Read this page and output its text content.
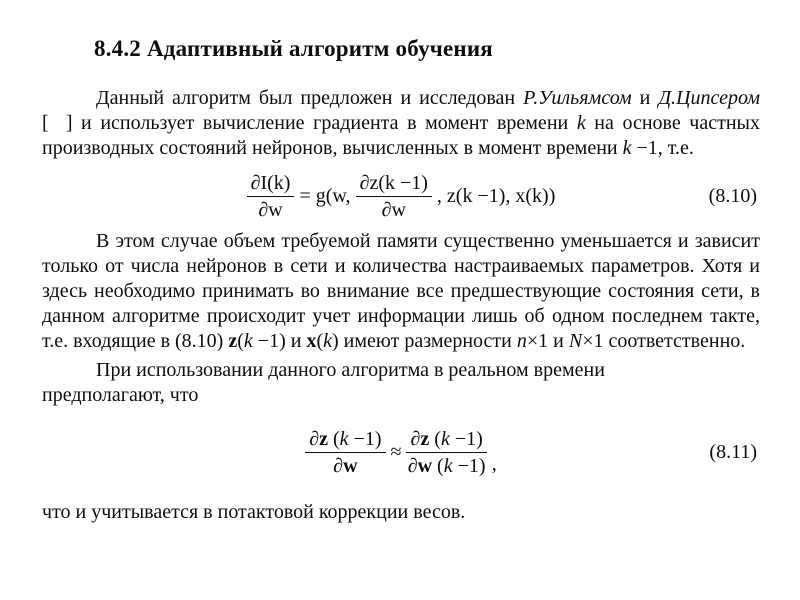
8.4.2 Адаптивный алгоритм обучения

Данный алгоритм был предложен и исследован Р.Уильямсом и Д.Ципсером [  ] и использует вычисление градиента в момент времени k на основе частных производных состояний нейронов, вычисленных в момент времени k −1, т.е.

$\frac{\partial I(k)}{\partial w} = g(w$, $\frac{\partial z(k -1)}{\partial w}$ , z(k −1), x(k))	(8.10)

В этом случае объем требуемой памяти существенно уменьшается и зависит только от числа нейронов в сети и количества настраиваемых параметров. Хотя и здесь необходимо принимать во внимание все предшествующие состояния сети, в данном алгоритме происходит учет информации лишь об одном последнем такте, т.е. входящие в (8.10) z(k −1) и x(k) имеют размерности n×1 и N×1 соответственно.

При использовании данного алгоритма в реальном времени
предполагают, что

$\frac{\partial z (k -1)}{\partial w} \approx \frac{\partial z (k -1)}{\partial w (k -1)}$ ,
(8.11)

что и учитывается в потактовой коррекции весов.
